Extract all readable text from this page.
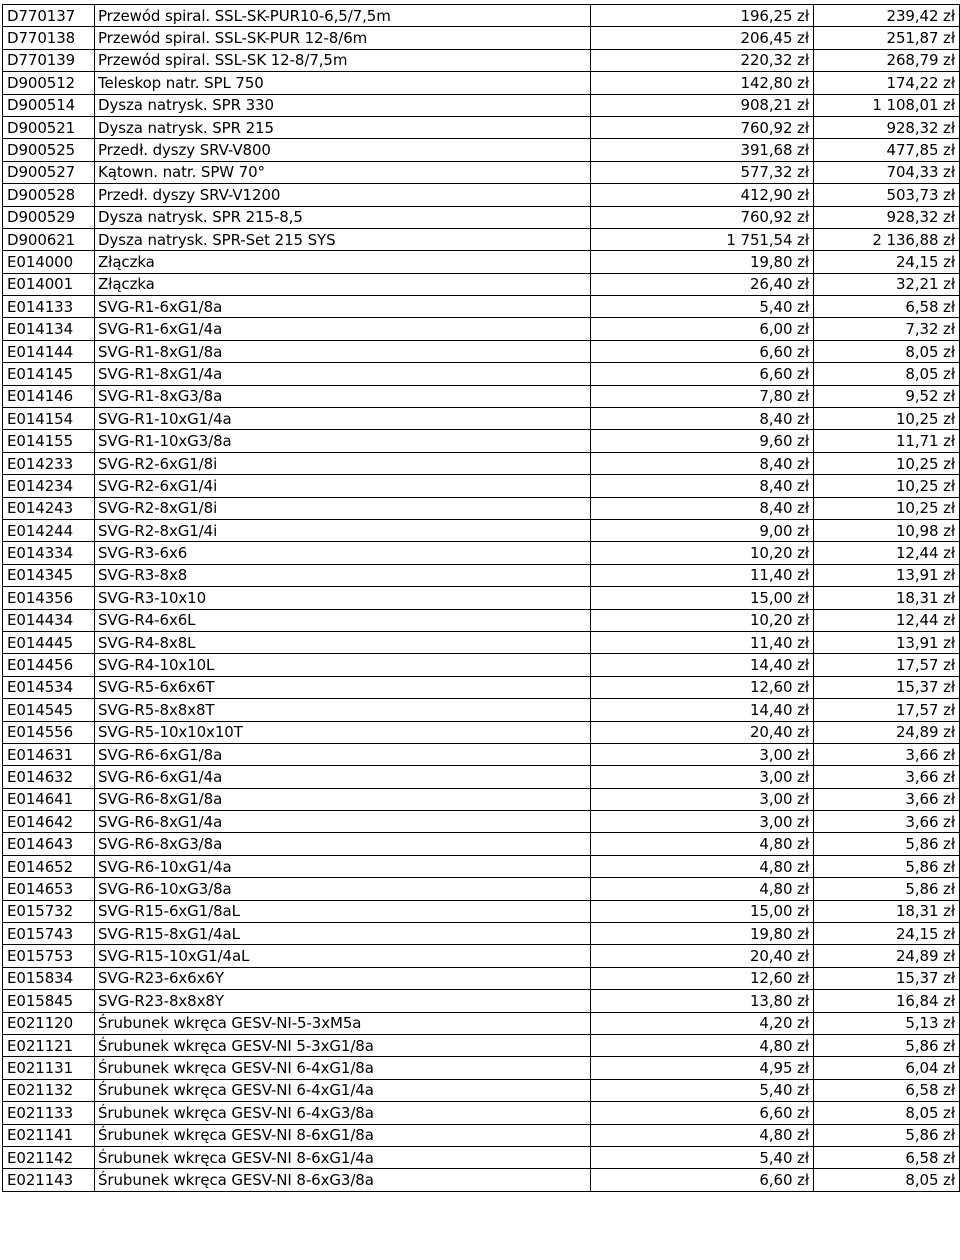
D770137	Przewód spiral. SSL-SK-PUR10-6,5/7,5m	196,25 zł	239,42 zł
D770138	Przewód spiral. SSL-SK-PUR 12-8/6m	206,45 zł	251,87 zł
D770139	Przewód spiral. SSL-SK 12-8/7,5m	220,32 zł	268,79 zł
D900512	Teleskop natr. SPL 750	142,80 zł	174,22 zł
D900514	Dysza natrysk. SPR 330	908,21 zł	1 108,01 zł
D900521	Dysza natrysk. SPR 215	760,92 zł	928,32 zł
D900525	Przedł. dyszy SRV-V800	391,68 zł	477,85 zł
D900527	Kątown. natr. SPW 70°	577,32 zł	704,33 zł
D900528	Przedł. dyszy SRV-V1200	412,90 zł	503,73 zł
D900529	Dysza natrysk. SPR 215-8,5	760,92 zł	928,32 zł
D900621	Dysza natrysk. SPR-Set 215 SYS	1 751,54 zł	2 136,88 zł
E014000	Złączka	19,80 zł	24,15 zł
E014001	Złączka	26,40 zł	32,21 zł
E014133	SVG-R1-6xG1/8a	5,40 zł	6,58 zł
E014134	SVG-R1-6xG1/4a	6,00 zł	7,32 zł
E014144	SVG-R1-8xG1/8a	6,60 zł	8,05 zł
E014145	SVG-R1-8xG1/4a	6,60 zł	8,05 zł
E014146	SVG-R1-8xG3/8a	7,80 zł	9,52 zł
E014154	SVG-R1-10xG1/4a	8,40 zł	10,25 zł
E014155	SVG-R1-10xG3/8a	9,60 zł	11,71 zł
E014233	SVG-R2-6xG1/8i	8,40 zł	10,25 zł
E014234	SVG-R2-6xG1/4i	8,40 zł	10,25 zł
E014243	SVG-R2-8xG1/8i	8,40 zł	10,25 zł
E014244	SVG-R2-8xG1/4i	9,00 zł	10,98 zł
E014334	SVG-R3-6x6	10,20 zł	12,44 zł
E014345	SVG-R3-8x8	11,40 zł	13,91 zł
E014356	SVG-R3-10x10	15,00 zł	18,31 zł
E014434	SVG-R4-6x6L	10,20 zł	12,44 zł
E014445	SVG-R4-8x8L	11,40 zł	13,91 zł
E014456	SVG-R4-10x10L	14,40 zł	17,57 zł
E014534	SVG-R5-6x6x6T	12,60 zł	15,37 zł
E014545	SVG-R5-8x8x8T	14,40 zł	17,57 zł
E014556	SVG-R5-10x10x10T	20,40 zł	24,89 zł
E014631	SVG-R6-6xG1/8a	3,00 zł	3,66 zł
E014632	SVG-R6-6xG1/4a	3,00 zł	3,66 zł
E014641	SVG-R6-8xG1/8a	3,00 zł	3,66 zł
E014642	SVG-R6-8xG1/4a	3,00 zł	3,66 zł
E014643	SVG-R6-8xG3/8a	4,80 zł	5,86 zł
E014652	SVG-R6-10xG1/4a	4,80 zł	5,86 zł
E014653	SVG-R6-10xG3/8a	4,80 zł	5,86 zł
E015732	SVG-R15-6xG1/8aL	15,00 zł	18,31 zł
E015743	SVG-R15-8xG1/4aL	19,80 zł	24,15 zł
E015753	SVG-R15-10xG1/4aL	20,40 zł	24,89 zł
E015834	SVG-R23-6x6x6Y	12,60 zł	15,37 zł
E015845	SVG-R23-8x8x8Y	13,80 zł	16,84 zł
E021120	Śrubunek wkręca GESV-NI-5-3xM5a	4,20 zł	5,13 zł
E021121	Śrubunek wkręca GESV-NI 5-3xG1/8a	4,80 zł	5,86 zł
E021131	Śrubunek wkręca GESV-NI 6-4xG1/8a	4,95 zł	6,04 zł
E021132	Śrubunek wkręca GESV-NI 6-4xG1/4a	5,40 zł	6,58 zł
E021133	Śrubunek wkręca GESV-NI 6-4xG3/8a	6,60 zł	8,05 zł
E021141	Śrubunek wkręca GESV-NI 8-6xG1/8a	4,80 zł	5,86 zł
E021142	Śrubunek wkręca GESV-NI 8-6xG1/4a	5,40 zł	6,58 zł
E021143	Śrubunek wkręca GESV-NI 8-6xG3/8a	6,60 zł	8,05 zł
